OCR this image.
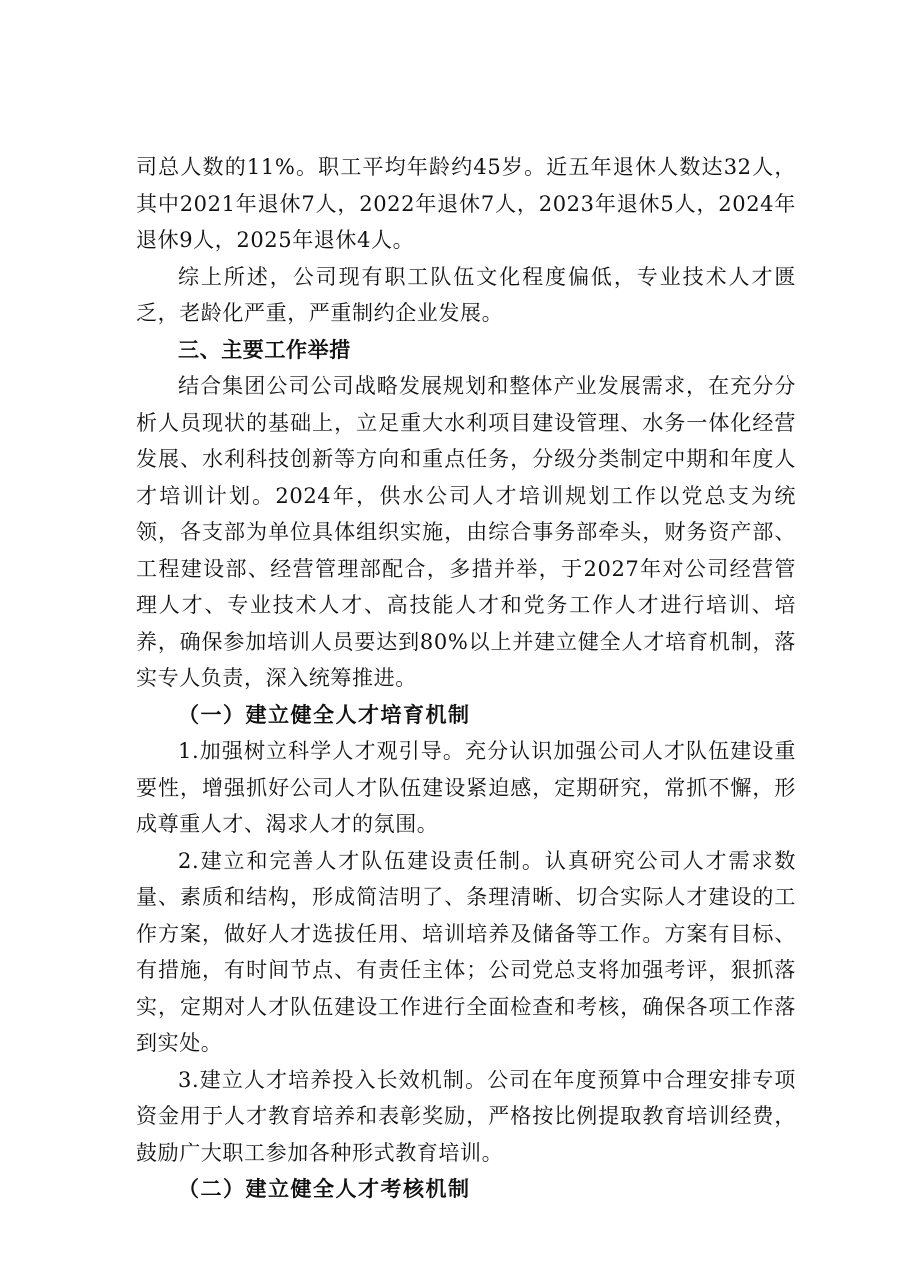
司总人数的11%。职工平均年龄约45岁。近五年退休人数达32人，其中2021年退休7人，2022年退休7人，2023年退休5人，2024年退休9人，2025年退休4人。

综上所述，公司现有职工队伍文化程度偏低，专业技术人才匮乏，老龄化严重，严重制约企业发展。

三、主要工作举措

结合集团公司公司战略发展规划和整体产业发展需求，在充分分析人员现状的基础上，立足重大水利项目建设管理、水务一体化经营发展、水利科技创新等方向和重点任务，分级分类制定中期和年度人才培训计划。2024年，供水公司人才培训规划工作以党总支为统领，各支部为单位具体组织实施，由综合事务部牵头，财务资产部、工程建设部、经营管理部配合，多措并举，于2027年对公司经营管理人才、专业技术人才、高技能人才和党务工作人才进行培训、培养，确保参加培训人员要达到80%以上并建立健全人才培育机制，落实专人负责，深入统筹推进。

（一）建立健全人才培育机制

1.加强树立科学人才观引导。充分认识加强公司人才队伍建设重要性，增强抓好公司人才队伍建设紧迫感，定期研究，常抓不懈，形成尊重人才、渴求人才的氛围。

2.建立和完善人才队伍建设责任制。认真研究公司人才需求数量、素质和结构，形成简洁明了、条理清晰、切合实际人才建设的工作方案，做好人才选拔任用、培训培养及储备等工作。方案有目标、有措施，有时间节点、有责任主体；公司党总支将加强考评，狠抓落实，定期对人才队伍建设工作进行全面检查和考核，确保各项工作落到实处。

3.建立人才培养投入长效机制。公司在年度预算中合理安排专项资金用于人才教育培养和表彰奖励，严格按比例提取教育培训经费，鼓励广大职工参加各种形式教育培训。

（二）建立健全人才考核机制
